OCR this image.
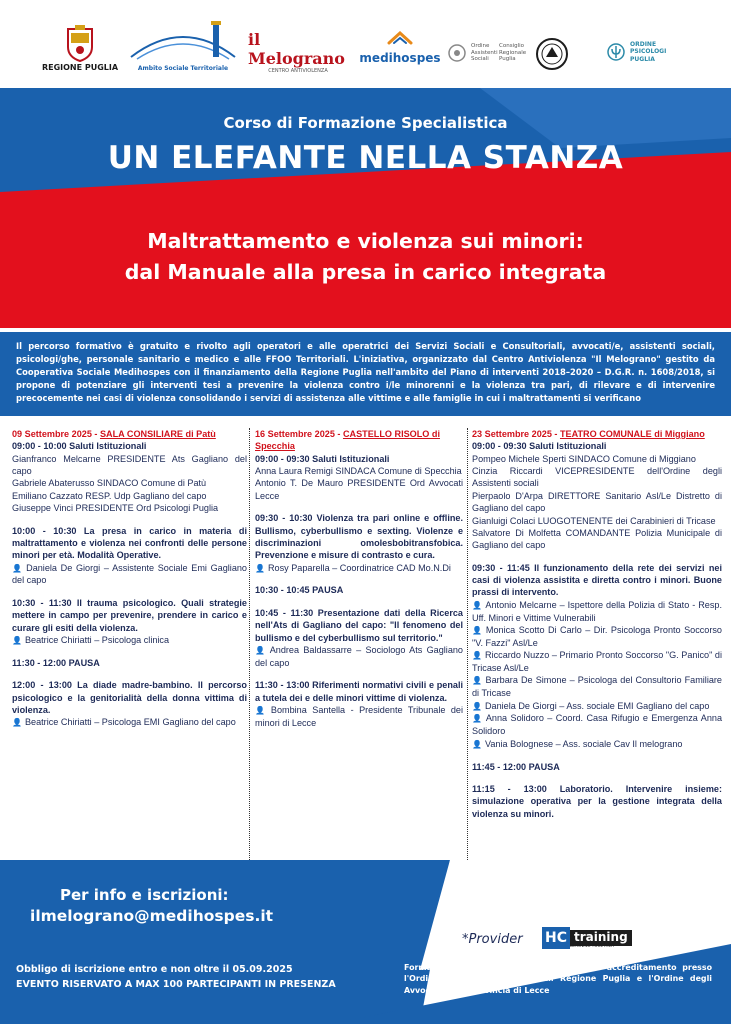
REGIONE PUGLIA	Ambito Sociale Territoriale
il Melograno
CENTRO ANTIVIOLENZA
medihospes
Ordine Assistenti Sociali
Consiglio Regionale Puglia
ORDINE PSICOLOGI PUGLIA
Corso di Formazione Specialistica
UN ELEFANTE NELLA STANZA
Maltrattamento e violenza sui minori:
dal Manuale alla presa in carico integrata
Il percorso formativo è gratuito e rivolto agli operatori e alle operatrici dei Servizi Sociali e Consultoriali, avvocati/e, assistenti sociali, psicologi/ghe, personale sanitario e medico e alle FFOO Territoriali. L'iniziativa, organizzato dal Centro Antiviolenza "Il Melograno" gestito da Cooperativa Sociale Medihospes con il finanziamento della Regione Puglia nell'ambito del Piano di interventi 2018–2020 – D.G.R. n. 1608/2018, si propone di potenziare gli interventi tesi a prevenire la violenza contro i/le minorenni e la violenza tra pari, di rilevare e di intervenire precocemente nei casi di violenza consolidando i servizi di assistenza alle vittime e alle famiglie in cui i maltrattamenti si verificano
09 Settembre 2025 - SALA CONSILIARE di Patù
09:00 - 10:00 Saluti Istituzionali
Gianfranco Melcarne PRESIDENTE Ats Gagliano del capo
Gabriele Abaterusso SINDACO Comune di Patù
Emiliano Cazzato RESP. Udp Gagliano del capo
Giuseppe Vinci PRESIDENTE Ord Psicologi Puglia
10:00 - 10:30 La presa in carico in materia di maltrattamento e violenza nei confronti delle persone minori per età. Modalità Operative.
👤 Daniela De Giorgi – Assistente Sociale Emi Gagliano del capo
10:30 - 11:30 Il trauma psicologico. Quali strategie mettere in campo per prevenire, prendere in carico e curare gli esiti della violenza.
👤 Beatrice Chiriatti – Psicologa clinica
11:30 - 12:00 PAUSA
12:00 - 13:00 La diade madre-bambino. Il percorso psicologico e la genitorialità della donna vittima di violenza.
👤 Beatrice Chiriatti – Psicologa EMI Gagliano del capo
16 Settembre 2025 - CASTELLO RISOLO di Specchia
09:00 - 09:30 Saluti Istituzionali
Anna Laura Remigi SINDACA Comune di Specchia
Antonio T. De Mauro PRESIDENTE Ord Avvocati Lecce
09:30 - 10:30 Violenza tra pari online e offline. Bullismo, cyberbullismo e sexting. Violenze e discriminazioni omolesbobitransfobica. Prevenzione e misure di contrasto e cura.
👤 Rosy Paparella – Coordinatrice CAD Mo.N.Di
10:30 - 10:45 PAUSA
10:45 - 11:30 Presentazione dati della Ricerca nell'Ats di Gagliano del capo: "Il fenomeno del bullismo e del cyberbullismo sul territorio."
👤 Andrea Baldassarre – Sociologo Ats Gagliano del capo
11:30 - 13:00 Riferimenti normativi civili e penali a tutela dei e delle minori vittime di violenza.
👤 Bombina Santella - Presidente Tribunale dei minori di Lecce
23 Settembre 2025 - TEATRO COMUNALE di Miggiano
09:00 - 09:30 Saluti Istituzionali
Pompeo Michele Sperti SINDACO Comune di Miggiano
Cinzia Riccardi VICEPRESIDENTE dell'Ordine degli Assistenti sociali
Pierpaolo D'Arpa DIRETTORE Sanitario Asl/Le Distretto di Gagliano del capo
Gianluigi Colaci LUOGOTENENTE dei Carabinieri di Tricase
Salvatore Di Molfetta COMANDANTE Polizia Municipale di Gagliano del capo
09:30 - 11:45 Il funzionamento della rete dei servizi nei casi di violenza assistita e diretta contro i minori. Buone prassi di intervento.
👤 Antonio Melcarne – Ispettore della Polizia di Stato - Resp. Uff. Minori e Vittime Vulnerabili
👤 Monica Scotto Di Carlo – Dir. Psicologa Pronto Soccorso "V. Fazzi" Asl/Le
👤 Riccardo Nuzzo – Primario Pronto Soccorso "G. Panico" di Tricase Asl/Le
👤 Barbara De Simone – Psicologa del Consultorio Familiare di Tricase
👤 Daniela De Giorgi – Ass. sociale EMI Gagliano del capo
👤 Anna Solidoro – Coord. Casa Rifugio e Emergenza Anna Solidoro
👤 Vania Bolognese – Ass. sociale Cav Il melograno
11:45 - 12:00 PAUSA
11:15 - 13:00 Laboratorio. Intervenire insieme: simulazione operativa per la gestione integrata della violenza su minori.
Per info e iscrizioni:
ilmelograno@medihospes.it
*Provider HC training
LEARNING TOGETHER
Obbligo di iscrizione entro e non oltre il 05.09.2025
EVENTO RISERVATO A MAX 100 PARTECIPANTI IN PRESENZA
Formazione accreditata Ecm*, in corso di accreditamento presso l'Ordine degli Assistenti Sociali Regione Puglia e l'Ordine degli Avvocati della Provincia di Lecce
